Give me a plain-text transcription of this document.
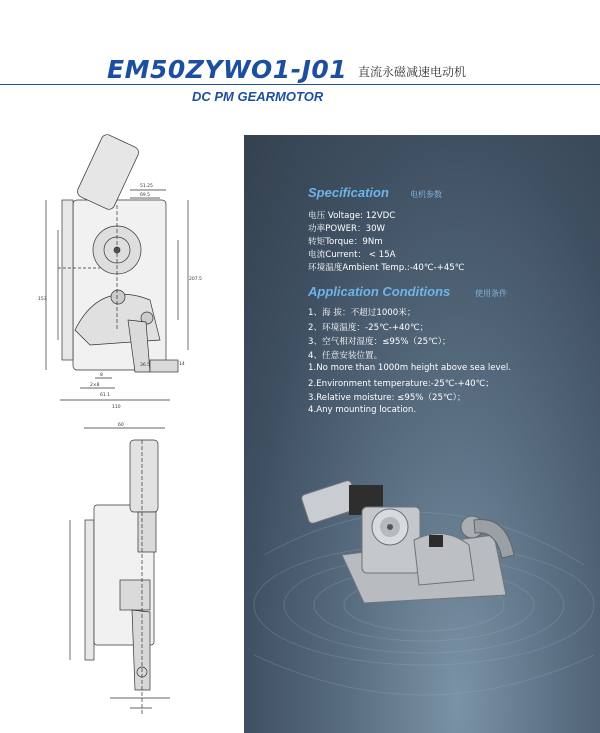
EM50ZYWO1-J01 直流永磁减速电动机
DC PM GEARMOTOR
51.25
69.5
207.5
153
36.5	14
8
2×8
61.1
110
60
Specification	电机参数
电压 Voltage: 12VDC
功率POWER：30W
转矩Torque：9Nm
电流Current： < 15A
环境温度Ambient Temp.:-40℃-+45℃
Application Conditions	使用条件
1、海 拔：不超过1000米；
2、环境温度：-25℃-+40℃；
3、空气相对湿度：≤95%（25℃）；
4、任意安装位置。
1.No more than 1000m height above sea level.
2.Environment temperature:-25℃-+40℃；
3.Relative moisture: ≤95%（25℃）；
4.Any mounting location.
